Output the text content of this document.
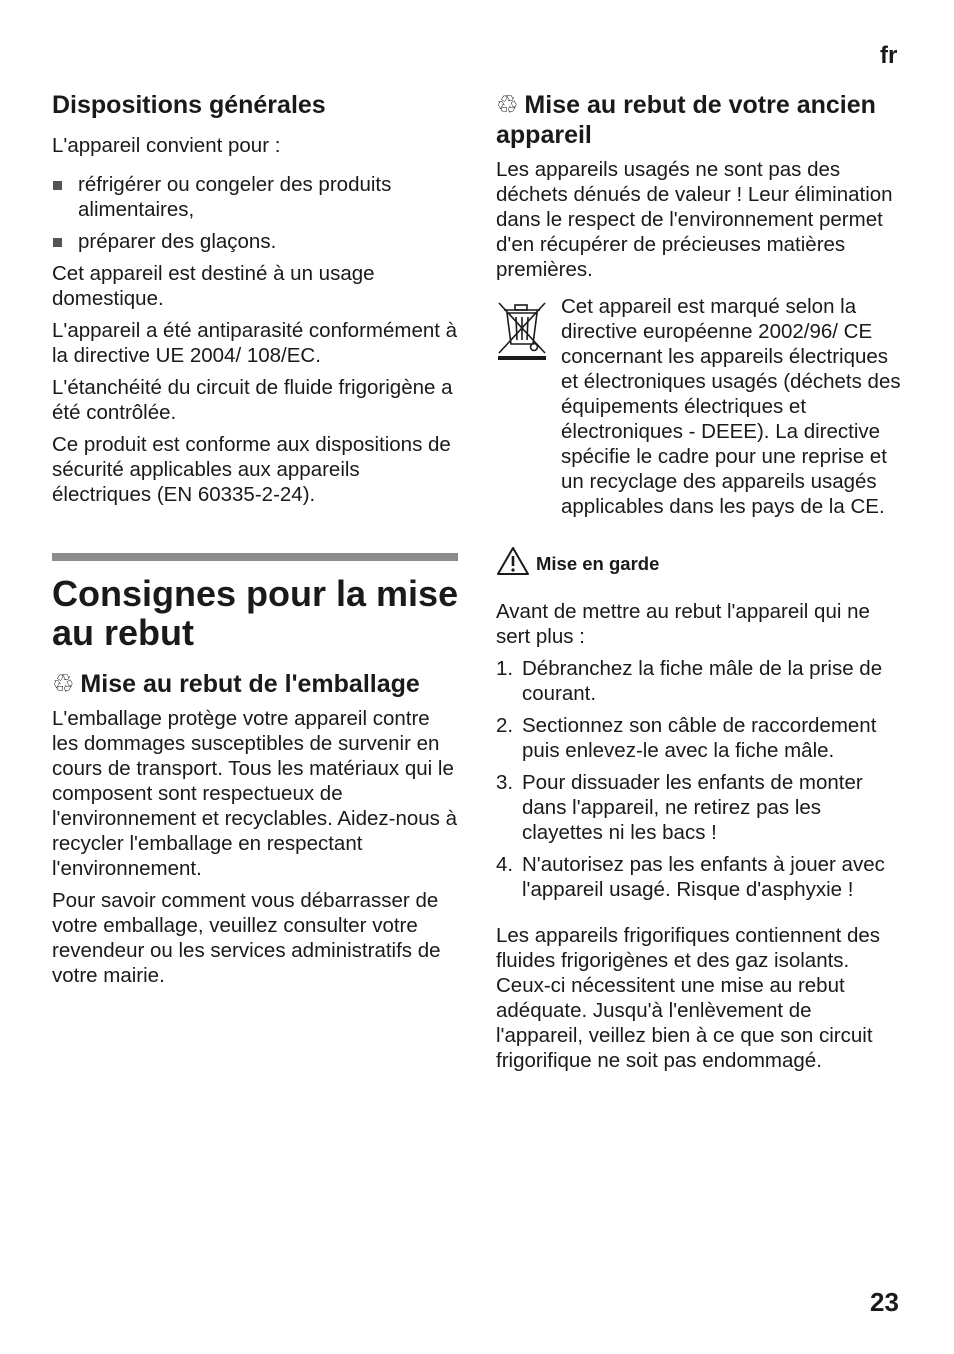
fr
Dispositions générales

L'appareil convient pour :

réfrigérer ou congeler des produits alimentaires,
préparer des glaçons.

Cet appareil est destiné à un usage domestique.

L'appareil a été antiparasité conformément à la directive UE 2004/ 108/EC.

L'étanchéité du circuit de fluide frigorigène a été contrôlée.

Ce produit est conforme aux dispositions de sécurité applicables aux appareils électriques (EN 60335-2-24).

Consignes pour la mise au rebut
♲ Mise au rebut de l'emballage

L'emballage protège votre appareil contre les dommages susceptibles de survenir en cours de transport. Tous les matériaux qui le composent sont respectueux de l'environnement et recyclables. Aidez-nous à recycler l'emballage en respectant l'environnement.

Pour savoir comment vous débarrasser de votre emballage, veuillez consulter votre revendeur ou les services administratifs de votre mairie.

♲ Mise au rebut de votre ancien appareil

Les appareils usagés ne sont pas des déchets dénués de valeur ! Leur élimination dans le respect de l'environnement permet d'en récupérer de précieuses matières premières.

Cet appareil est marqué selon la directive européenne 2002/96/ CE concernant les appareils électriques et électroniques usagés (déchets des équipements électriques et électroniques - DEEE). La directive spécifie le cadre pour une reprise et un recyclage des appareils usagés applicables dans les pays de la CE.

Mise en garde

Avant de mettre au rebut l'appareil qui ne sert plus :

1. Débranchez la fiche mâle de la prise de courant.
2. Sectionnez son câble de raccordement puis enlevez-le avec la fiche mâle.
3. Pour dissuader les enfants de monter dans l'appareil, ne retirez pas les clayettes ni les bacs !
4. N'autorisez pas les enfants à jouer avec l'appareil usagé. Risque d'asphyxie !

Les appareils frigorifiques contiennent des fluides frigorigènes et des gaz isolants. Ceux-ci nécessitent une mise au rebut adéquate. Jusqu'à l'enlèvement de l'appareil, veillez bien à ce que son circuit frigorifique ne soit pas endommagé.

23
